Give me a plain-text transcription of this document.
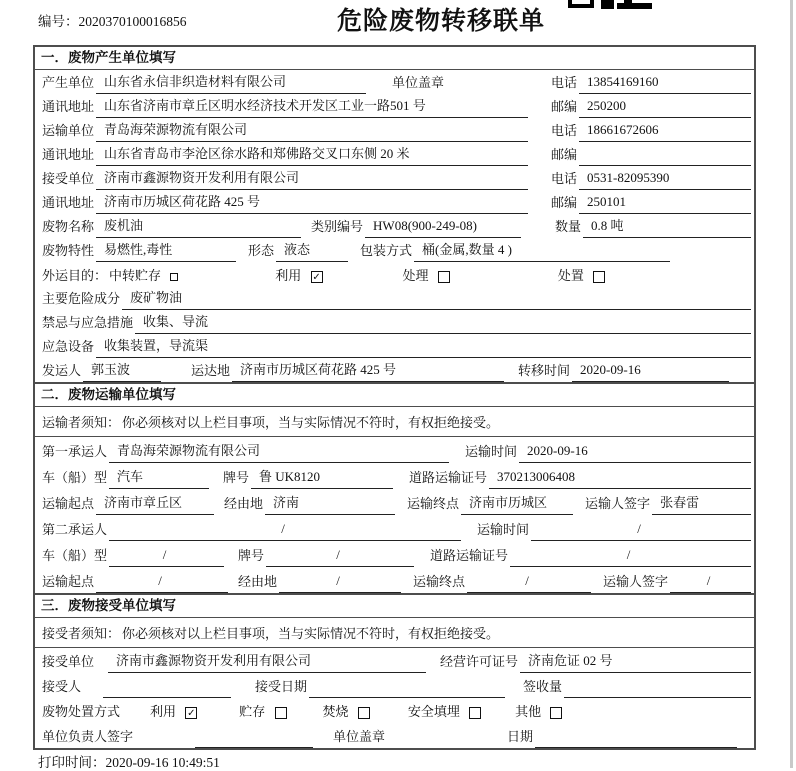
编号：2020370100016856	危险废物转移联单
一．废物产生单位填写
产生单位 山东省永信非织造材料有限公司	单位盖章	电话 13854169160
通讯地址 山东省济南市章丘区明水经济技术开发区工业一路501 号	邮编 250200
运输单位 青岛海荣源物流有限公司	电话 18661672606
通讯地址 山东省青岛市李沧区徐水路和郑佛路交叉口东侧 20 米	邮编
接受单位 济南市鑫源物资开发利用有限公司	电话 0531-82095390
通讯地址 济南市历城区荷花路 425 号	邮编 250101
废物名称 废机油	类别编号 HW08(900-249-08)	数量 0.8 吨
废物特性 易燃性,毒性	形态 液态	包装方式 桶(金属,数量 4 )
外运目的： 中转贮存	利用 ✓	处理	处置
主要危险成分 废矿物油
禁忌与应急措施 收集、导流
应急设备 收集装置，导流渠
发运人 郭玉波	运达地 济南市历城区荷花路 425 号	转移时间 2020-09-16
二．废物运输单位填写
运输者须知： 你必须核对以上栏目事项，当与实际情况不符时，有权拒绝接受。
第一承运人 青岛海荣源物流有限公司	运输时间 2020-09-16
车（船）型 汽车	牌号 鲁 UK8120	道路运输证号 370213006408
运输起点 济南市章丘区	经由地 济南	运输终点 济南市历城区	运输人签字 张春雷
第二承运人	/	运输时间	/
车（船）型	/	牌号	/	道路运输证号	/
运输起点	/	经由地	/	运输终点	/	运输人签字	/
三．废物接受单位填写
接受者须知： 你必须核对以上栏目事项，当与实际情况不符时，有权拒绝接受。
接受单位	济南市鑫源物资开发利用有限公司	经营许可证号 济南危证 02 号
接受人	接受日期	签收量
废物处置方式 利用 ✓	贮存	焚烧	安全填埋	其他
单位负责人签字	单位盖章	日期
打印时间：2020-09-16 10:49:51
